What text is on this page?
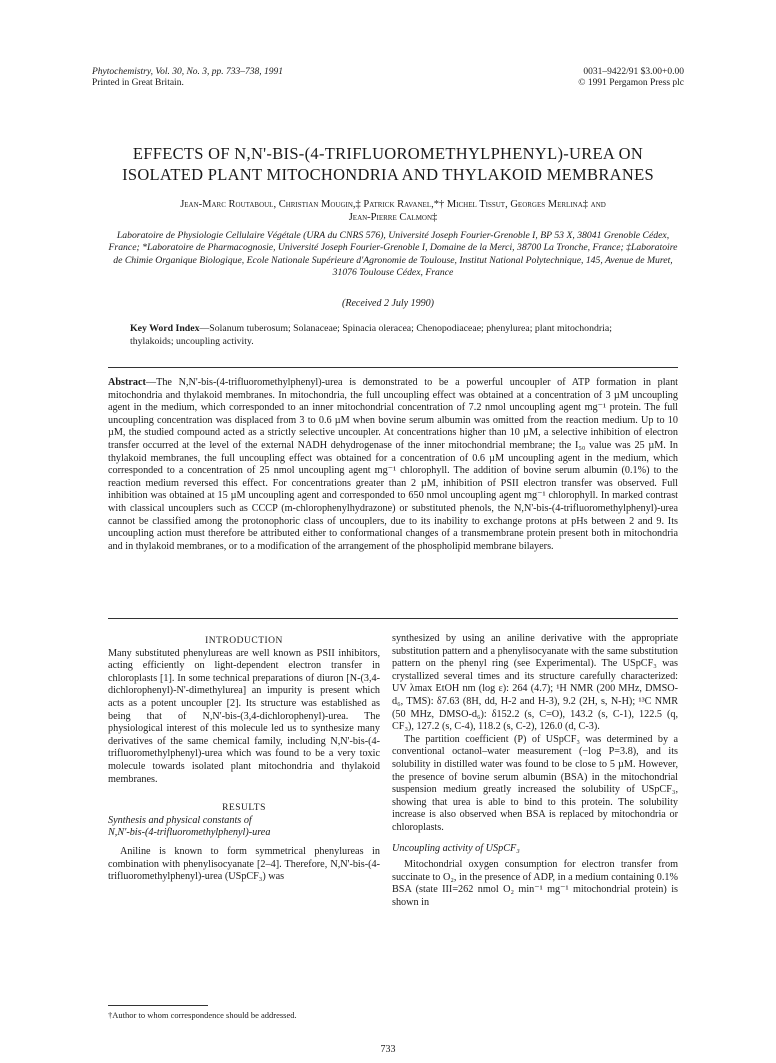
Phytochemistry, Vol. 30, No. 3, pp. 733–738, 1991
Printed in Great Britain.
0031–9422/91 $3.00+0.00
© 1991 Pergamon Press plc
EFFECTS OF N,N'-BIS-(4-TRIFLUOROMETHYLPHENYL)-UREA ON
ISOLATED PLANT MITOCHONDRIA AND THYLAKOID MEMBRANES
Jean-Marc Routaboul, Christian Mougin,‡ Patrick Ravanel,*† Michel Tissut, Georges Merlina‡ and
Jean-Pierre Calmon‡
Laboratoire de Physiologie Cellulaire Végétale (URA du CNRS 576), Université Joseph Fourier-Grenoble I, BP 53 X, 38041 Grenoble Cédex, France; *Laboratoire de Pharmacognosie, Université Joseph Fourier-Grenoble I, Domaine de la Merci, 38700 La Tronche, France; ‡Laboratoire de Chimie Organique Biologique, Ecole Nationale Supérieure d'Agronomie de Toulouse, Institut National Polytechnique, 145, Avenue de Muret, 31076 Toulouse Cédex, France
(Received 2 July 1990)
Key Word Index—Solanum tuberosum; Solanaceae; Spinacia oleracea; Chenopodiaceae; phenylurea; plant mitochondria; thylakoids; uncoupling activity.
Abstract—The N,N'-bis-(4-trifluoromethylphenyl)-urea is demonstrated to be a powerful uncoupler of ATP formation in plant mitochondria and thylakoid membranes. In mitochondria, the full uncoupling effect was obtained at a concentration of 3 µM uncoupling agent in the medium, which corresponded to an inner mitochondrial concentration of 7.2 nmol uncoupling agent mg⁻¹ protein. The full uncoupling concentration was displaced from 3 to 0.6 µM when bovine serum albumin was omitted from the reaction medium. Up to 10 µM, the studied compound acted as a strictly selective uncoupler. At concentrations higher than 10 µM, a selective inhibition of electron transfer occurred at the level of the external NADH dehydrogenase of the inner mitochondrial membrane; the I₅₀ value was 25 µM. In thylakoid membranes, the full uncoupling effect was obtained for a concentration of 0.6 µM uncoupling agent in the medium, which corresponded to a concentration of 25 nmol uncoupling agent mg⁻¹ chlorophyll. The addition of bovine serum albumin (0.1%) to the reaction medium reversed this effect. For concentrations greater than 2 µM, inhibition of PSII electron transfer was observed. Full inhibition was obtained at 15 µM uncoupling agent and corresponded to 650 nmol uncoupling agent mg⁻¹ chlorophyll. In marked contrast with classical uncouplers such as CCCP (m-chlorophenylhydrazone) or substituted phenols, the N,N'-bis-(4-trifluoromethylphenyl)-urea cannot be classified among the protonophoric class of uncouplers, due to its inability to exchange protons at pHs between 2 and 9. Its uncoupling action must therefore be attributed either to conformational changes of a transmembrane protein present both in mitochondria and in thylakoid membranes, or to a modification of the arrangement of the phospholipid membrane bilayers.

INTRODUCTION

Many substituted phenylureas are well known as PSII inhibitors, acting efficiently on light-dependent electron transfer in chloroplasts [1]. In some technical preparations of diuron [N-(3,4-dichlorophenyl)-N'-dimethylurea] an impurity is present which acts as a potent uncoupler [2]. Its structure was established as being that of N,N'-bis-(3,4-dichlorophenyl)-urea. The physiological interest of this molecule led us to synthesize many derivatives of the same chemical family, including N,N'-bis-(4-trifluoromethylphenyl)-urea which was found to be a very toxic molecule towards isolated plant mitochondria and thylakoid membranes.

RESULTS

Synthesis and physical constants of

N,N'-bis-(4-trifluoromethylphenyl)-urea

Aniline is known to form symmetrical phenylureas in combination with phenylisocyanate [2–4]. Therefore, N,N'-bis-(4-trifluoromethylphenyl)-urea (USpCF₃) was

†Author to whom correspondence should be addressed.

synthesized by using an aniline derivative with the appropriate substitution pattern and a phenylisocyanate with the same substitution pattern on the phenyl ring (see Experimental). The USpCF₃ was crystallized several times and its structure carefully characterized: UV λmax EtOH nm (log ε): 264 (4.7); ¹H NMR (200 MHz, DMSO-d₆, TMS): δ7.63 (8H, dd, H-2 and H-3), 9.2 (2H, s, N-H); ¹³C NMR (50 MHz, DMSO-d₆): δ152.2 (s, C=O), 143.2 (s, C-1), 122.5 (q, CF₃), 127.2 (s, C-4), 118.2 (s, C-2), 126.0 (d, C-3).

The partition coefficient (P) of USpCF₃ was determined by a conventional octanol–water measurement (−log P=3.8), and its solubility in distilled water was found to be close to 5 µM. However, the presence of bovine serum albumin (BSA) in the mitochondrial suspension medium greatly increased the solubility of USpCF₃, showing that urea is able to bind to this protein. The solubility increase is also observed when BSA is replaced by mitochondria or chloroplasts.

Uncoupling activity of USpCF₃

Mitochondrial oxygen consumption for electron transfer from succinate to O₂, in the presence of ADP, in a medium containing 0.1% BSA (state III=262 nmol O₂ min⁻¹ mg⁻¹ mitochondrial protein) is shown in

733
